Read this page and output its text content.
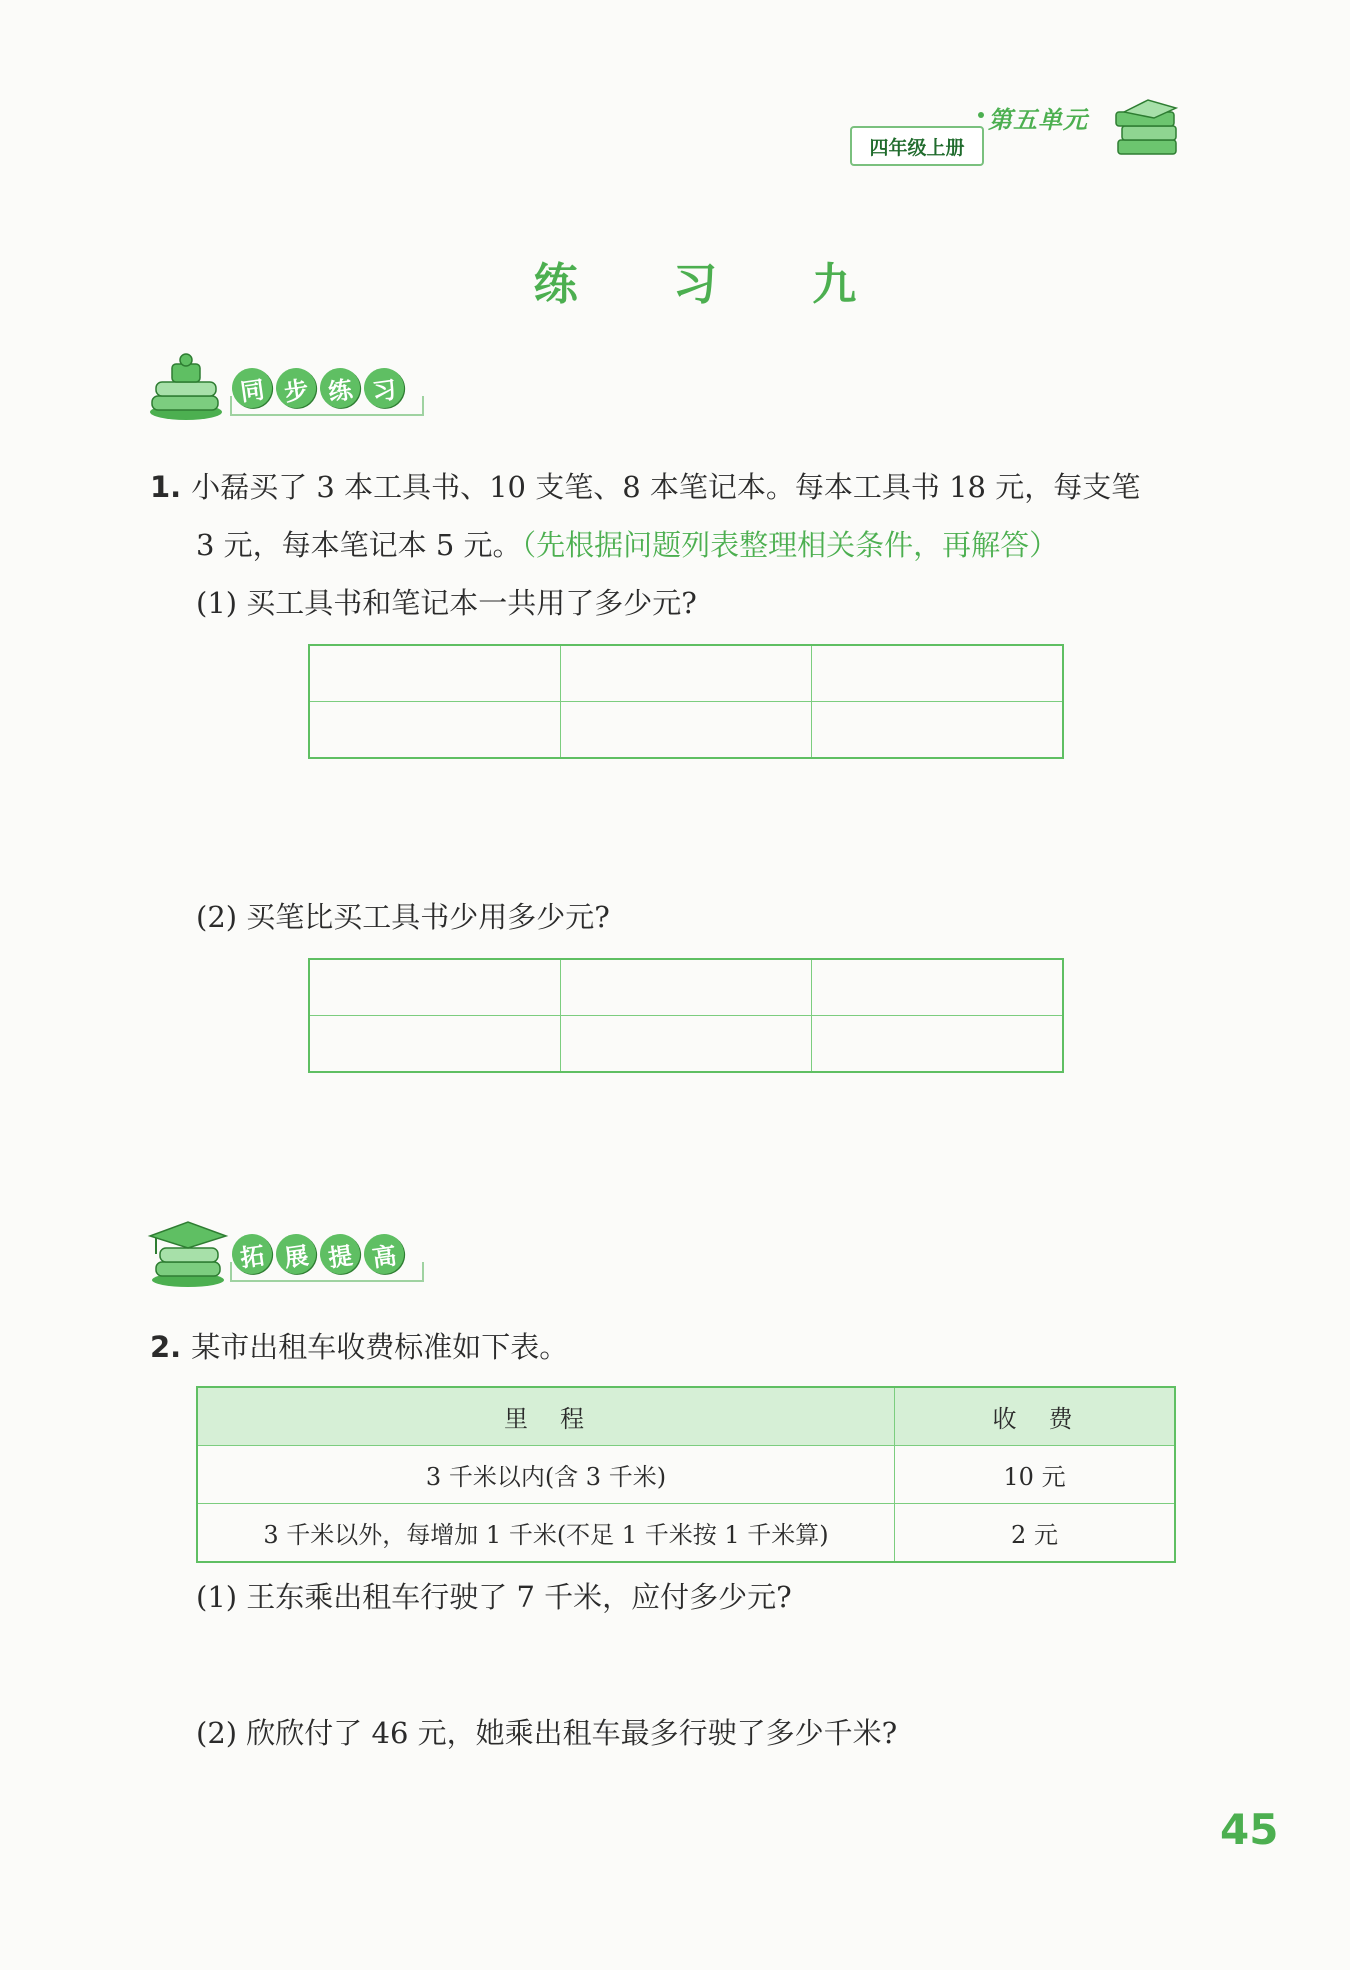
四年级上册
第五单元
练 习 九
同 步 练 习
1. 小磊买了 3 本工具书、10 支笔、8 本笔记本。每本工具书 18 元，每支笔
3 元，每本笔记本 5 元。（先根据问题列表整理相关条件，再解答）
(1) 买工具书和笔记本一共用了多少元?

(2) 买笔比买工具书少用多少元?

拓 展 提 高
2. 某市出租车收费标准如下表。
里　程	收　费
3 千米以内(含 3 千米)	10 元
3 千米以外，每增加 1 千米(不足 1 千米按 1 千米算)	2 元
(1) 王东乘出租车行驶了 7 千米，应付多少元?
(2) 欣欣付了 46 元，她乘出租车最多行驶了多少千米?
45
